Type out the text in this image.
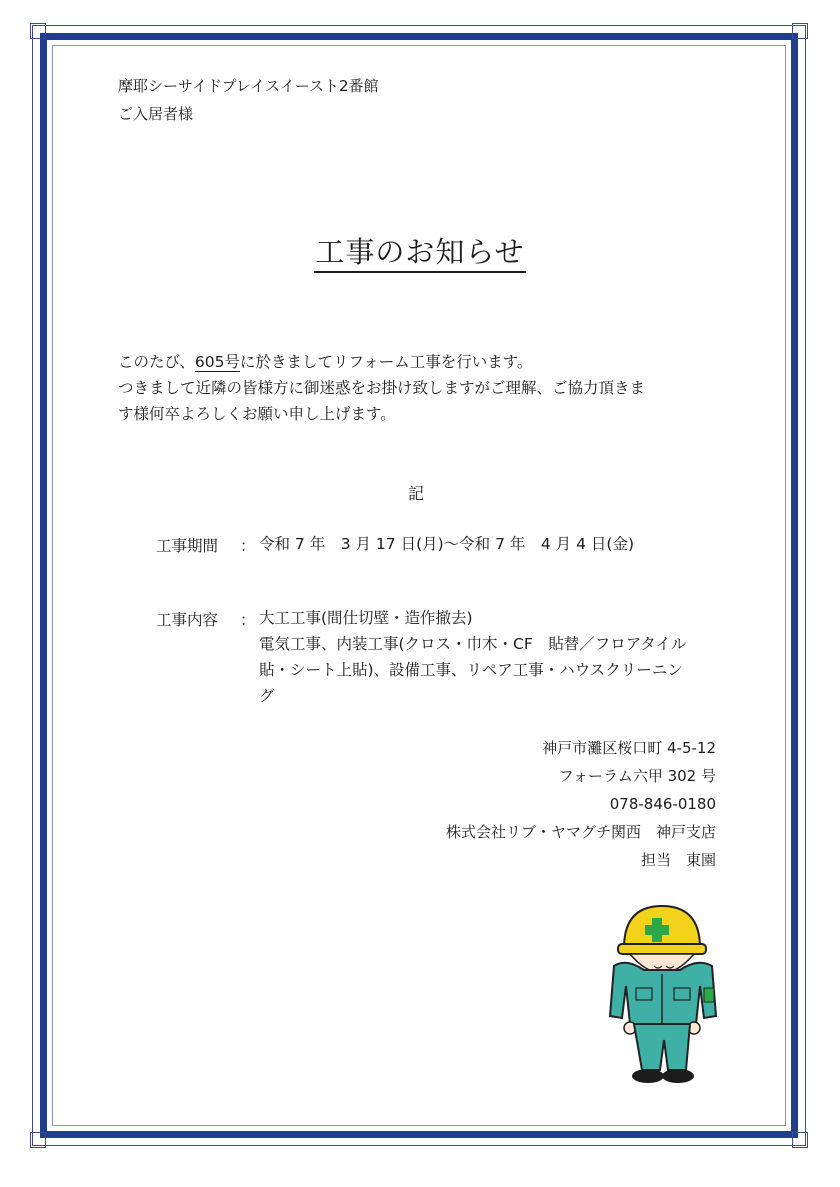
摩耶シーサイドプレイスイースト2番館
ご入居者様
工事のお知らせ
このたび、605号に於きましてリフォーム工事を行います。
つきまして近隣の皆様方に御迷惑をお掛け致しますがご理解、ご協力頂きま
す様何卒よろしくお願い申し上げます。
記
工事期間 ： 令和 7 年　3 月 17 日(月)～令和 7 年　4 月 4 日(金)
工事内容 ： 大工工事(間仕切壁・造作撤去)
電気工事、内装工事(クロス・巾木・CF　貼替／フロアタイル
貼・シート上貼)、設備工事、リペア工事・ハウスクリーニン
グ
神戸市灘区桜口町 4-5-12
フォーラム六甲 302 号
078-846-0180
株式会社リブ・ヤマグチ関西　神戸支店
担当　東園
